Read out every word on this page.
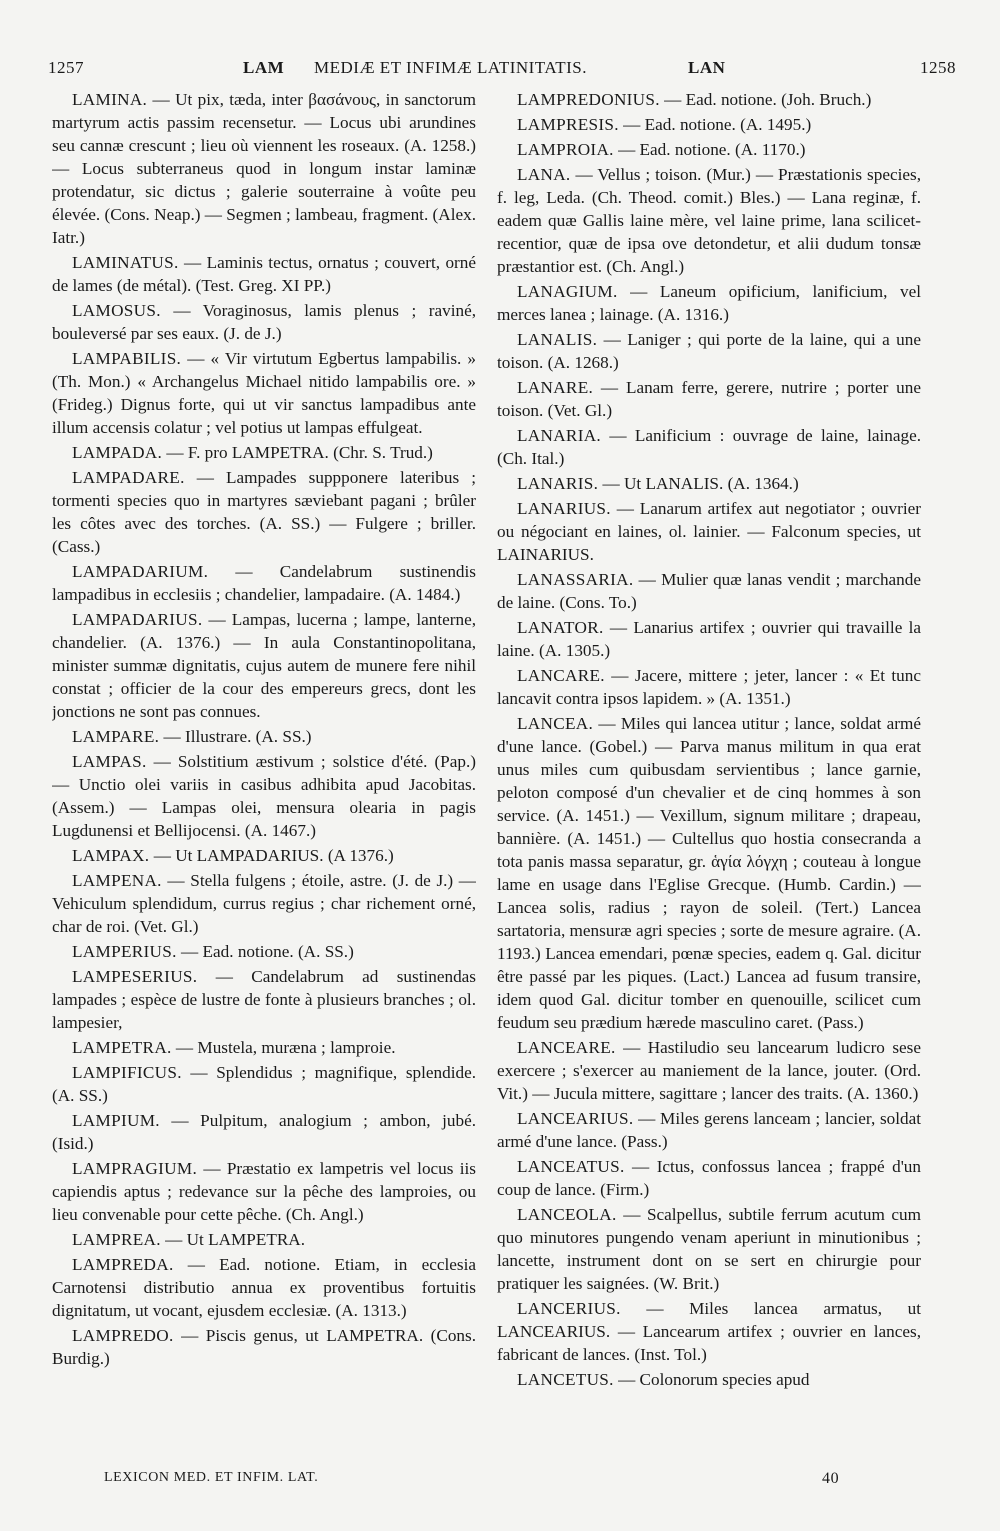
1257	LAM MEDIÆ ET INFIMÆ LATINITATIS.	LAN	1258

LAMINA. — Ut pix, tæda, inter βασάνους, in sanctorum martyrum actis passim recensetur. — Locus ubi arundines seu cannæ crescunt ; lieu où viennent les roseaux. (A. 1258.) — Locus subterraneus quod in longum instar laminæ protendatur, sic dictus ; galerie souterraine à voûte peu élevée. (Cons. Neap.) — Segmen ; lambeau, fragment. (Alex. Iatr.)

LAMINATUS. — Laminis tectus, ornatus ; couvert, orné de lames (de métal). (Test. Greg. XI PP.)

LAMOSUS. — Voraginosus, lamis plenus ; raviné, bouleversé par ses eaux. (J. de J.)

LAMPABILIS. — « Vir virtutum Egbertus lampabilis. » (Th. Mon.) « Archangelus Michael nitido lampabilis ore. » (Frideg.) Dignus forte, qui ut vir sanctus lampadibus ante illum accensis colatur ; vel potius ut lampas effulgeat.

LAMPADA. — F. pro LAMPETRA. (Chr. S. Trud.)

LAMPADARE. — Lampades suppponere lateribus ; tormenti species quo in martyres sæviebant pagani ; brûler les côtes avec des torches. (A. SS.) — Fulgere ; briller. (Cass.)

LAMPADARIUM. — Candelabrum sustinendis lampadibus in ecclesiis ; chandelier, lampadaire. (A. 1484.)

LAMPADARIUS. — Lampas, lucerna ; lampe, lanterne, chandelier. (A. 1376.) — In aula Constantinopolitana, minister summæ dignitatis, cujus autem de munere fere nihil constat ; officier de la cour des empereurs grecs, dont les jonctions ne sont pas connues.

LAMPARE. — Illustrare. (A. SS.)

LAMPAS. — Solstitium æstivum ; solstice d'été. (Pap.) — Unctio olei variis in casibus adhibita apud Jacobitas. (Assem.) — Lampas olei, mensura olearia in pagis Lugdunensi et Bellijocensi. (A. 1467.)

LAMPAX. — Ut LAMPADARIUS. (A 1376.)

LAMPENA. — Stella fulgens ; étoile, astre. (J. de J.) — Vehiculum splendidum, currus regius ; char richement orné, char de roi. (Vet. Gl.)

LAMPERIUS. — Ead. notione. (A. SS.)

LAMPESERIUS. — Candelabrum ad sustinendas lampades ; espèce de lustre de fonte à plusieurs branches ; ol. lampesier,

LAMPETRA. — Mustela, muræna ; lamproie.

LAMPIFICUS. — Splendidus ; magnifique, splendide. (A. SS.)

LAMPIUM. — Pulpitum, analogium ; ambon, jubé. (Isid.)

LAMPRAGIUM. — Præstatio ex lampetris vel locus iis capiendis aptus ; redevance sur la pêche des lamproies, ou lieu convenable pour cette pêche. (Ch. Angl.)

LAMPREA. — Ut LAMPETRA.

LAMPREDA. — Ead. notione. Etiam, in ecclesia Carnotensi distributio annua ex proventibus fortuitis dignitatum, ut vocant, ejusdem ecclesiæ. (A. 1313.)

LAMPREDO. — Piscis genus, ut LAMPETRA. (Cons. Burdig.)

LAMPREDONIUS. — Ead. notione. (Joh. Bruch.)

LAMPRESIS. — Ead. notione. (A. 1495.)

LAMPROIA. — Ead. notione. (A. 1170.)

LANA. — Vellus ; toison. (Mur.) — Præstationis species, f. leg, Leda. (Ch. Theod. comit.) Bles.) — Lana reginæ, f. eadem quæ Gallis laine mère, vel laine prime, lana scilicet-recentior, quæ de ipsa ove detondetur, et alii dudum tonsæ præstantior est. (Ch. Angl.)

LANAGIUM. — Laneum opificium, lanificium, vel merces lanea ; lainage. (A. 1316.)

LANALIS. — Laniger ; qui porte de la laine, qui a une toison. (A. 1268.)

LANARE. — Lanam ferre, gerere, nutrire ; porter une toison. (Vet. Gl.)

LANARIA. — Lanificium : ouvrage de laine, lainage. (Ch. Ital.)

LANARIS. — Ut LANALIS. (A. 1364.)

LANARIUS. — Lanarum artifex aut negotiator ; ouvrier ou négociant en laines, ol. lainier. — Falconum species, ut LAINARIUS.

LANASSARIA. — Mulier quæ lanas vendit ; marchande de laine. (Cons. To.)

LANATOR. — Lanarius artifex ; ouvrier qui travaille la laine. (A. 1305.)

LANCARE. — Jacere, mittere ; jeter, lancer : « Et tunc lancavit contra ipsos lapidem. » (A. 1351.)

LANCEA. — Miles qui lancea utitur ; lance, soldat armé d'une lance. (Gobel.) — Parva manus militum in qua erat unus miles cum quibusdam servientibus ; lance garnie, peloton composé d'un chevalier et de cinq hommes à son service. (A. 1451.) — Vexillum, signum militare ; drapeau, bannière. (A. 1451.) — Cultellus quo hostia consecranda a tota panis massa separatur, gr. ἁγία λόγχη ; couteau à longue lame en usage dans l'Eglise Grecque. (Humb. Cardin.) — Lancea solis, radius ; rayon de soleil. (Tert.) Lancea sartatoria, mensuræ agri species ; sorte de mesure agraire. (A. 1193.) Lancea emendari, pœnæ species, eadem q. Gal. dicitur être passé par les piques. (Lact.) Lancea ad fusum transire, idem quod Gal. dicitur tomber en quenouille, scilicet cum feudum seu prædium hærede masculino caret. (Pass.)

LANCEARE. — Hastiludio seu lancearum ludicro sese exercere ; s'exercer au maniement de la lance, jouter. (Ord. Vit.) — Jucula mittere, sagittare ; lancer des traits. (A. 1360.)

LANCEARIUS. — Miles gerens lanceam ; lancier, soldat armé d'une lance. (Pass.)

LANCEATUS. — Ictus, confossus lancea ; frappé d'un coup de lance. (Firm.)

LANCEOLA. — Scalpellus, subtile ferrum acutum cum quo minutores pungendo venam aperiunt in minutionibus ; lancette, instrument dont on se sert en chirurgie pour pratiquer les saignées. (W. Brit.)

LANCERIUS. — Miles lancea armatus, ut LANCEARIUS. — Lancearum artifex ; ouvrier en lances, fabricant de lances. (Inst. Tol.)

LANCETUS. — Colonorum species apud

LEXICON MED. ET INFIM. LAT.	40
